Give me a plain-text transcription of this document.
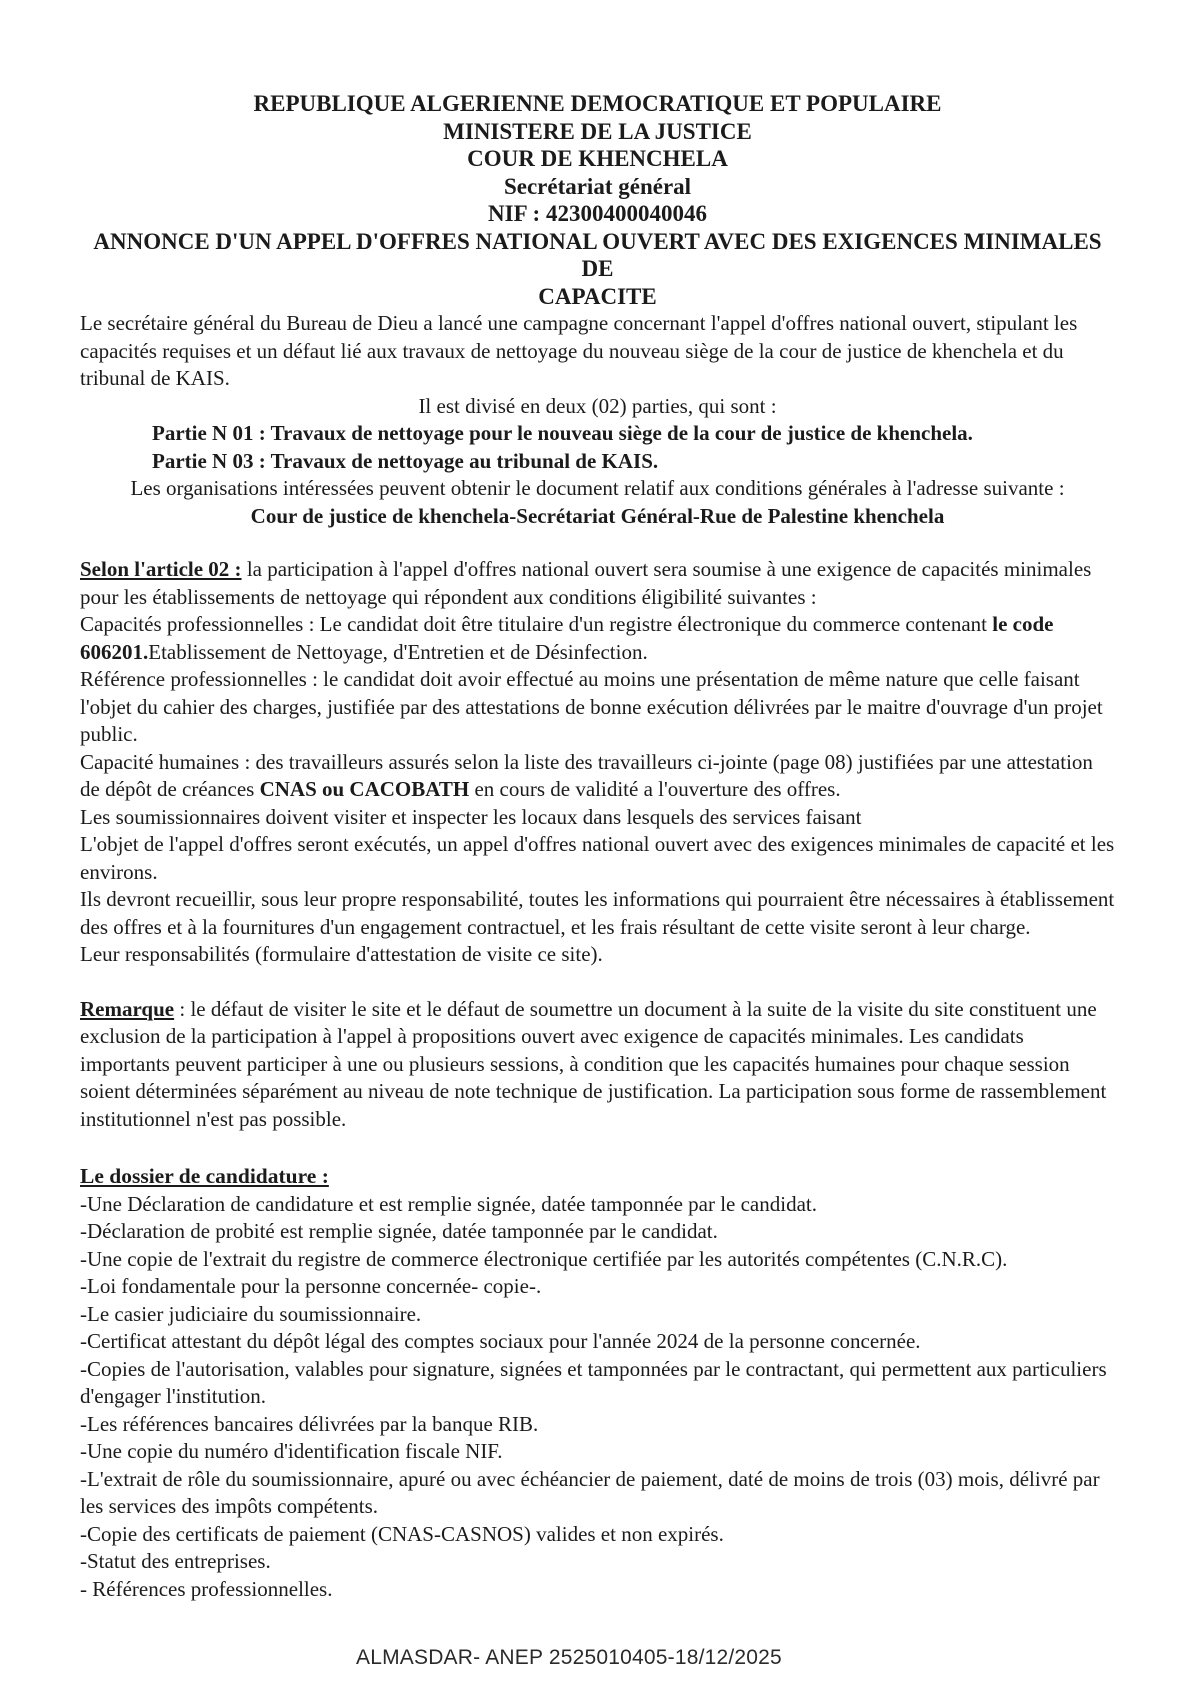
REPUBLIQUE ALGERIENNE DEMOCRATIQUE ET POPULAIRE
MINISTERE DE LA JUSTICE
COUR DE KHENCHELA
Secrétariat général
NIF : 42300400040046
ANNONCE D'UN APPEL D'OFFRES NATIONAL OUVERT AVEC DES EXIGENCES MINIMALES DE
CAPACITE

Le secrétaire général du Bureau de Dieu a lancé une campagne concernant l'appel d'offres national ouvert, stipulant les capacités requises et un défaut lié aux travaux de nettoyage du nouveau siège de la cour de justice de khenchela et du tribunal de KAIS.

Il est divisé en deux (02) parties, qui sont :

Partie N 01 : Travaux de nettoyage pour le nouveau siège de la cour de justice de khenchela.

Partie N 03 : Travaux de nettoyage au tribunal de KAIS.

Les organisations intéressées peuvent obtenir le document relatif aux conditions générales à l'adresse suivante :

Cour de justice de khenchela-Secrétariat Général-Rue de Palestine khenchela

Selon l'article 02 : la participation à l'appel d'offres national ouvert sera soumise à une exigence de capacités minimales pour les établissements de nettoyage qui répondent aux conditions éligibilité suivantes :

Capacités professionnelles : Le candidat doit être titulaire d'un registre électronique du commerce contenant le code 606201.Etablissement de Nettoyage, d'Entretien et de Désinfection.

Référence professionnelles : le candidat doit avoir effectué au moins une présentation de même nature que celle faisant l'objet du cahier des charges, justifiée par des attestations de bonne exécution délivrées par le maitre d'ouvrage d'un projet public.

Capacité humaines : des travailleurs assurés selon la liste des travailleurs ci-jointe (page 08) justifiées par une attestation de dépôt de créances CNAS ou CACOBATH en cours de validité a l'ouverture des offres.

Les soumissionnaires doivent visiter et inspecter les locaux dans lesquels des services faisant

L'objet de l'appel d'offres seront exécutés, un appel d'offres national ouvert avec des exigences minimales de capacité et les environs.

Ils devront recueillir, sous leur propre responsabilité, toutes les informations qui pourraient être nécessaires à établissement des offres et à la fournitures d'un engagement contractuel, et les frais résultant de cette visite seront à leur charge.

Leur responsabilités (formulaire d'attestation de visite ce site).

Remarque : le défaut de visiter le site et le défaut de soumettre un document à la suite de la visite du site constituent une exclusion de la participation à l'appel à propositions ouvert avec exigence de capacités minimales. Les candidats importants peuvent participer à une ou plusieurs sessions, à condition que les capacités humaines pour chaque session soient déterminées séparément au niveau de note technique de justification. La participation sous forme de rassemblement institutionnel n'est pas possible.

Le dossier de candidature :

-Une Déclaration de candidature et est remplie signée, datée tamponnée par le candidat.

-Déclaration de probité est remplie signée, datée tamponnée par le candidat.

-Une copie de l'extrait du registre de commerce électronique certifiée par les autorités compétentes (C.N.R.C).

-Loi fondamentale pour la personne concernée- copie-.

-Le casier judiciaire du soumissionnaire.

-Certificat attestant du dépôt légal des comptes sociaux pour l'année 2024 de la personne concernée.

-Copies de l'autorisation, valables pour signature, signées et tamponnées par le contractant, qui permettent aux particuliers d'engager l'institution.

-Les références bancaires délivrées par la banque RIB.

-Une copie du numéro d'identification fiscale NIF.

-L'extrait de rôle du soumissionnaire, apuré ou avec échéancier de paiement, daté de moins de trois (03) mois, délivré par les services des impôts compétents.

-Copie des certificats de paiement (CNAS-CASNOS) valides et non expirés.

-Statut des entreprises.

- Références professionnelles.

ALMASDAR- ANEP 2525010405-18/12/2025
